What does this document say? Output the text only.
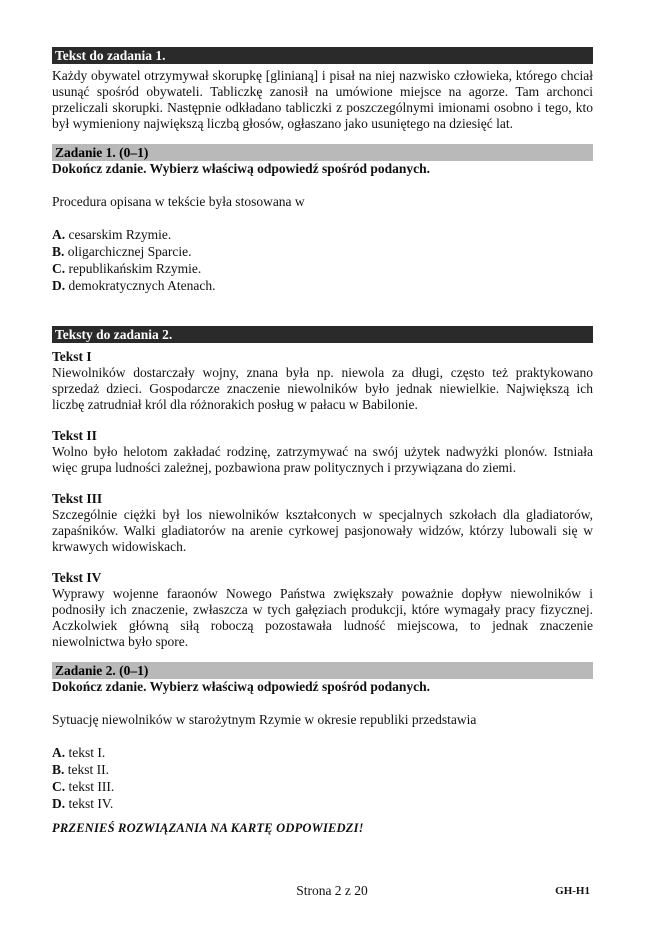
Tekst do zadania 1.

Każdy obywatel otrzymywał skorupkę [glinianą] i pisał na niej nazwisko człowieka, którego chciał usunąć spośród obywateli. Tabliczkę zanosił na umówione miejsce na agorze. Tam archonci przeliczali skorupki. Następnie odkładano tabliczki z poszczególnymi imionami osobno i tego, kto był wymieniony największą liczbą głosów, ogłaszano jako usuniętego na dziesięć lat.

Zadanie 1. (0–1)

Dokończ zdanie. Wybierz właściwą odpowiedź spośród podanych.

Procedura opisana w tekście była stosowana w

A. cesarskim Rzymie.
B. oligarchicznej Sparcie.
C. republikańskim Rzymie.
D. demokratycznych Atenach.
Teksty do zadania 2.

Tekst I

Niewolników dostarczały wojny, znana była np. niewola za długi, często też praktykowano sprzedaż dzieci. Gospodarcze znaczenie niewolników było jednak niewielkie. Największą ich liczbę zatrudniał król dla różnorakich posług w pałacu w Babilonie.

Tekst II

Wolno było helotom zakładać rodzinę, zatrzymywać na swój użytek nadwyżki plonów. Istniała więc grupa ludności zależnej, pozbawiona praw politycznych i przywiązana do ziemi.

Tekst III

Szczególnie ciężki był los niewolników kształconych w specjalnych szkołach dla gladiatorów, zapaśników. Walki gladiatorów na arenie cyrkowej pasjonowały widzów, którzy lubowali się w krwawych widowiskach.

Tekst IV

Wyprawy wojenne faraonów Nowego Państwa zwiększały poważnie dopływ niewolników i podnosiły ich znaczenie, zwłaszcza w tych gałęziach produkcji, które wymagały pracy fizycznej. Aczkolwiek główną siłą roboczą pozostawała ludność miejscowa, to jednak znaczenie niewolnictwa było spore.

Zadanie 2. (0–1)

Dokończ zdanie. Wybierz właściwą odpowiedź spośród podanych.

Sytuację niewolników w starożytnym Rzymie w okresie republiki przedstawia

A. tekst I.
B. tekst II.
C. tekst III.
D. tekst IV.
PRZENIEŚ ROZWIĄZANIA NA KARTĘ ODPOWIEDZI!
Strona 2 z 20	GH-H1
